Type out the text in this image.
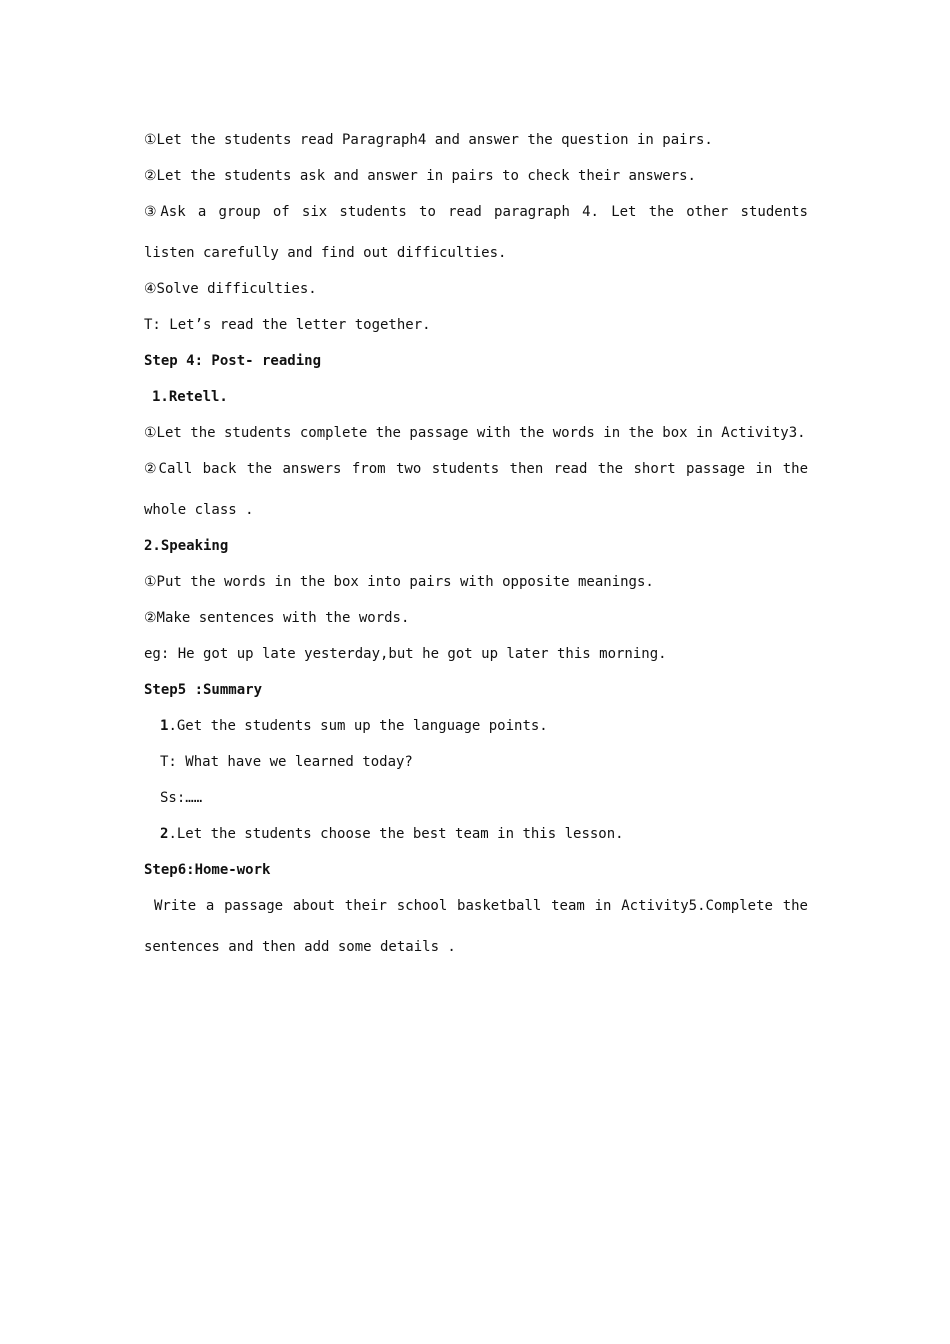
①Let the students read Paragraph4 and answer the question in pairs.
②Let the students ask and answer in pairs to check their answers.
③Ask a group of six students to read paragraph 4. Let the other students
listen carefully and find out difficulties.
④Solve difficulties.
T: Let’s read the letter together.
Step 4: Post- reading
1.Retell.
①Let the students complete the passage with the words in the box in Activity3.
②Call back the answers from two students then read the short passage in the
whole class .
2.Speaking
①Put the words in the box into pairs with opposite meanings.
②Make sentences with the words.
eg: He got up late yesterday,but he got up later this morning.
Step5 :Summary
1.Get the students sum up the language points.
T: What have we learned today?
Ss:……
2.Let the students choose the best team in this lesson.
Step6:Home-work
Write a passage about their school basketball team in Activity5.Complete the
sentences and then add some details .
